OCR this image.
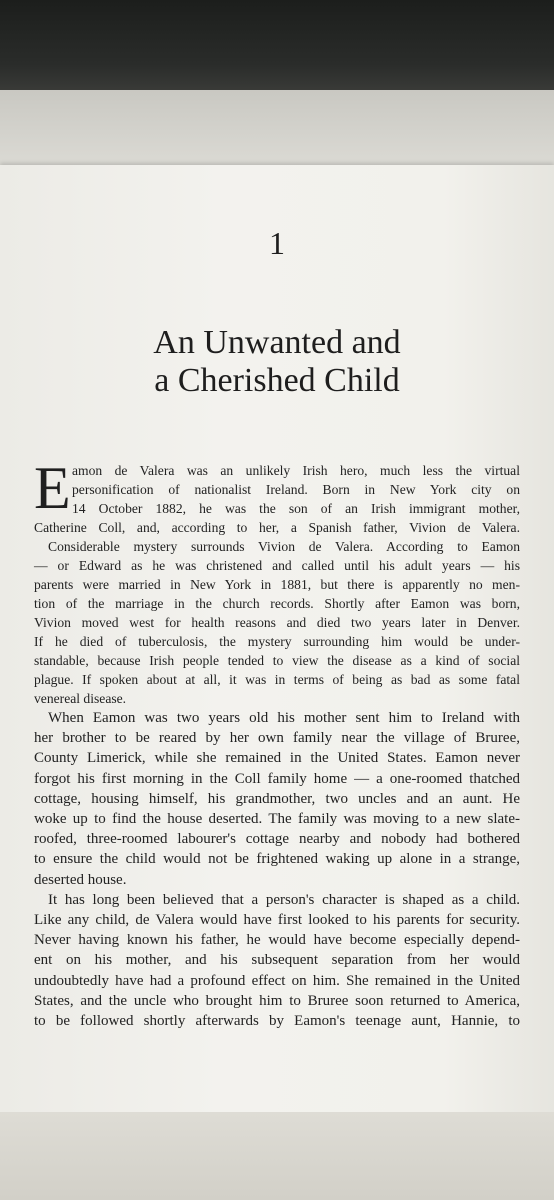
1
An Unwanted and
a Cherished Child
E amon de Valera was an unlikely Irish hero, much less the virtual
personification of nationalist Ireland. Born in New York city on
14 October 1882, he was the son of an Irish immigrant mother,
Catherine Coll, and, according to her, a Spanish father, Vivion de Valera.
Considerable mystery surrounds Vivion de Valera. According to Eamon
— or Edward as he was christened and called until his adult years — his
parents were married in New York in 1881, but there is apparently no men-
tion of the marriage in the church records. Shortly after Eamon was born,
Vivion moved west for health reasons and died two years later in Denver.
If he died of tuberculosis, the mystery surrounding him would be under-
standable, because Irish people tended to view the disease as a kind of social
plague. If spoken about at all, it was in terms of being as bad as some fatal
venereal disease.
When Eamon was two years old his mother sent him to Ireland with
her brother to be reared by her own family near the village of Bruree,
County Limerick, while she remained in the United States. Eamon never
forgot his first morning in the Coll family home — a one-roomed thatched
cottage, housing himself, his grandmother, two uncles and an aunt. He
woke up to find the house deserted. The family was moving to a new slate-
roofed, three-roomed labourer's cottage nearby and nobody had bothered
to ensure the child would not be frightened waking up alone in a strange,
deserted house.
It has long been believed that a person's character is shaped as a child.
Like any child, de Valera would have first looked to his parents for security.
Never having known his father, he would have become especially depend-
ent on his mother, and his subsequent separation from her would
undoubtedly have had a profound effect on him. She remained in the United
States, and the uncle who brought him to Bruree soon returned to America,
to be followed shortly afterwards by Eamon's teenage aunt, Hannie, to
